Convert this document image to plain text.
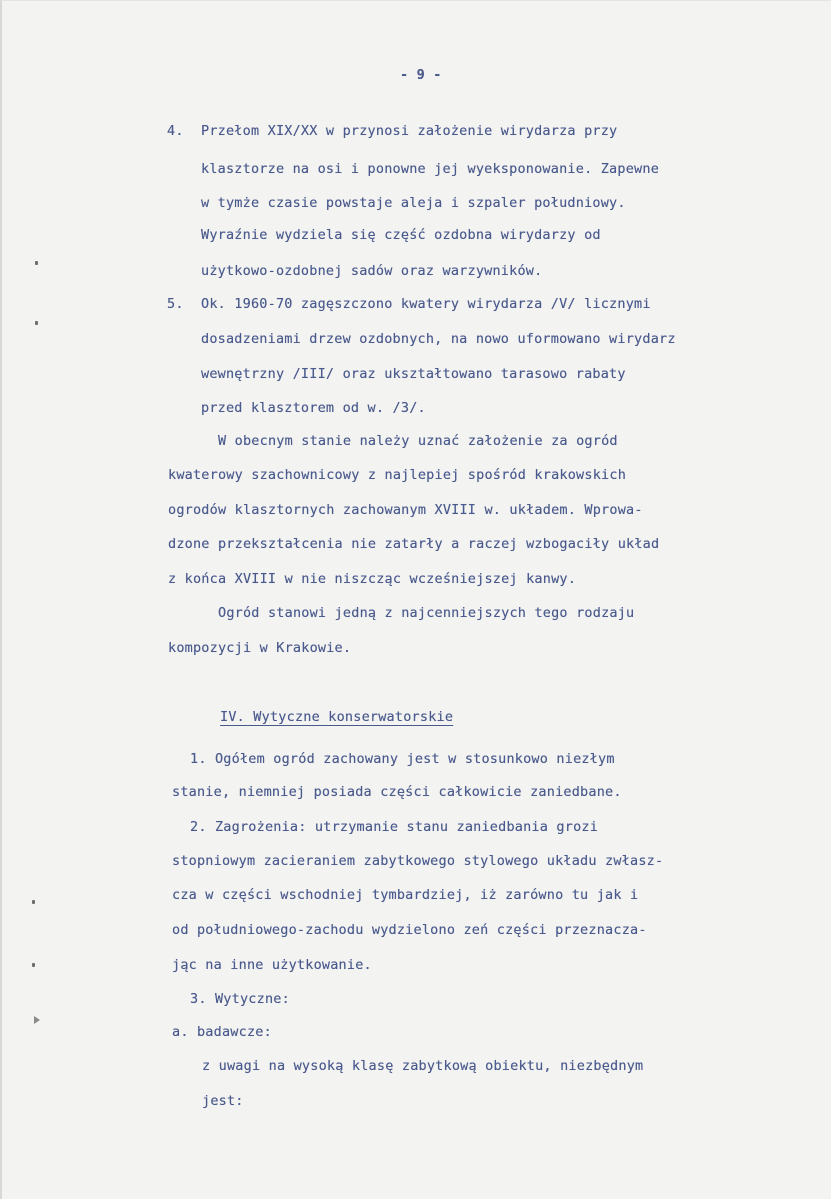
- 9 -
4. Przełom XIX/XX w przynosi założenie wirydarza przy
klasztorze na osi i ponowne jej wyeksponowanie. Zapewne
w tymże czasie powstaje aleja i szpaler południowy.
Wyraźnie wydziela się część ozdobna wirydarzy od
użytkowo-ozdobnej sadów oraz warzywników.
5. Ok. 1960-70 zagęszczono kwatery wirydarza /V/ licznymi
dosadzeniami drzew ozdobnych, na nowo uformowano wirydarz
wewnętrzny /III/ oraz ukształtowano tarasowo rabaty
przed klasztorem od w. /3/.
W obecnym stanie należy uznać założenie za ogród
kwaterowy szachownicowy z najlepiej spośród krakowskich
ogrodów klasztornych zachowanym XVIII w. układem. Wprowa-
dzone przekształcenia nie zatarły a raczej wzbogaciły układ
z końca XVIII w nie niszcząc wcześniejszej kanwy.
Ogród stanowi jedną z najcenniejszych tego rodzaju
kompozycji w Krakowie.
IV. Wytyczne konserwatorskie
1. Ogółem ogród zachowany jest w stosunkowo niezłym
stanie, niemniej posiada części całkowicie zaniedbane.
2. Zagrożenia: utrzymanie stanu zaniedbania grozi
stopniowym zacieraniem zabytkowego stylowego układu zwłasz-
cza w części wschodniej tymbardziej, iż zarówno tu jak i
od południowego-zachodu wydzielono zeń części przeznacza-
jąc na inne użytkowanie.
3. Wytyczne:
a. badawcze:
z uwagi na wysoką klasę zabytkową obiektu, niezbędnym
jest:
